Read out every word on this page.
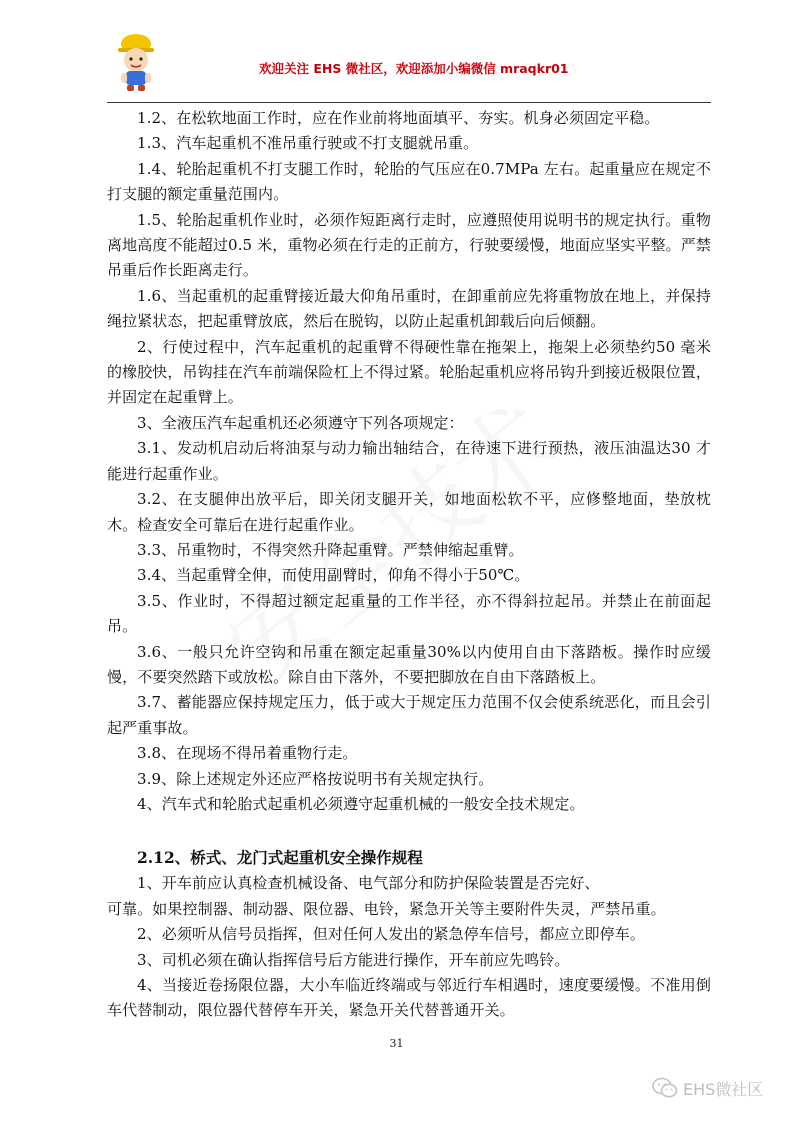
欢迎关注 EHS 微社区，欢迎添加小编微信 mraqkr01

1.2、在松软地面工作时，应在作业前将地面填平、夯实。机身必须固定平稳。

1.3、汽车起重机不准吊重行驶或不打支腿就吊重。

1.4、轮胎起重机不打支腿工作时，轮胎的气压应在0.7MPa 左右。起重量应在规定不打支腿的额定重量范围内。

1.5、轮胎起重机作业时，必须作短距离行走时，应遵照使用说明书的规定执行。重物离地高度不能超过0.5 米，重物必须在行走的正前方，行驶要缓慢，地面应坚实平整。严禁吊重后作长距离走行。

1.6、当起重机的起重臂接近最大仰角吊重时，在卸重前应先将重物放在地上，并保持绳拉紧状态，把起重臂放底，然后在脱钩，以防止起重机卸载后向后倾翻。

2、行使过程中，汽车起重机的起重臂不得硬性靠在拖架上，拖架上必须垫约50 毫米的橡胶快，吊钩挂在汽车前端保险杠上不得过紧。轮胎起重机应将吊钩升到接近极限位置，并固定在起重臂上。

3、全液压汽车起重机还必须遵守下列各项规定：

3.1、发动机启动后将油泵与动力输出轴结合，在待速下进行预热，液压油温达30 才能进行起重作业。

3.2、在支腿伸出放平后，即关闭支腿开关，如地面松软不平，应修整地面，垫放枕木。检查安全可靠后在进行起重作业。

3.3、吊重物时，不得突然升降起重臂。严禁伸缩起重臂。

3.4、当起重臂全伸，而使用副臂时，仰角不得小于50℃。

3.5、作业时，不得超过额定起重量的工作半径，亦不得斜拉起吊。并禁止在前面起吊。

3.6、一般只允许空钩和吊重在额定起重量30%以内使用自由下落踏板。操作时应缓慢，不要突然踏下或放松。除自由下落外，不要把脚放在自由下落踏板上。

3.7、蓄能器应保持规定压力，低于或大于规定压力范围不仅会使系统恶化，而且会引起严重事故。

3.8、在现场不得吊着重物行走。

3.9、除上述规定外还应严格按说明书有关规定执行。

4、汽车式和轮胎式起重机必须遵守起重机械的一般安全技术规定。

2.12、桥式、龙门式起重机安全操作规程

1、开车前应认真检查机械设备、电气部分和防护保险装置是否完好、

可靠。如果控制器、制动器、限位器、电铃，紧急开关等主要附件失灵，严禁吊重。

2、必须听从信号员指挥，但对任何人发出的紧急停车信号，都应立即停车。

3、司机必须在确认指挥信号后方能进行操作，开车前应先鸣铃。

4、当接近卷扬限位器，大小车临近终端或与邻近行车相遇时，速度要缓慢。不准用倒车代替制动，限位器代替停车开关，紧急开关代替普通开关。

31
EHS微社区
